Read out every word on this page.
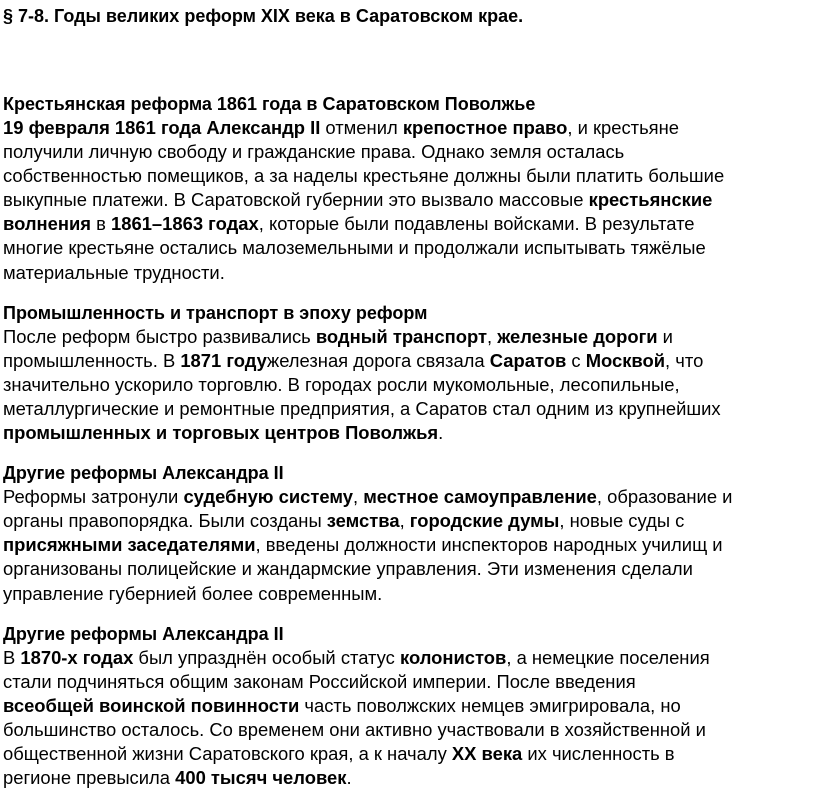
§ 7-8. Годы великих реформ XIX века в Саратовском крае.
Крестьянская реформа 1861 года в Саратовском Поволжье

19 февраля 1861 года Александр II отменил крепостное право, и крестьяне
получили личную свободу и гражданские права. Однако земля осталась
собственностью помещиков, а за наделы крестьяне должны были платить большие
выкупные платежи. В Саратовской губернии это вызвало массовые крестьянские
волнения в 1861–1863 годах, которые были подавлены войсками. В результате
многие крестьяне остались малоземельными и продолжали испытывать тяжёлые
материальные трудности.

Промышленность и транспорт в эпоху реформ

После реформ быстро развивались водный транспорт, железные дороги и
промышленность. В 1871 годужелезная дорога связала Саратов с Москвой, что
значительно ускорило торговлю. В городах росли мукомольные, лесопильные,
металлургические и ремонтные предприятия, а Саратов стал одним из крупнейших
промышленных и торговых центров Поволжья.

Другие реформы Александра II

Реформы затронули судебную систему, местное самоуправление, образование и
органы правопорядка. Были созданы земства, городские думы, новые суды с
присяжными заседателями, введены должности инспекторов народных училищ и
организованы полицейские и жандармские управления. Эти изменения сделали
управление губернией более современным.

Другие реформы Александра II

В 1870-х годах был упразднён особый статус колонистов, а немецкие поселения
стали подчиняться общим законам Российской империи. После введения
всеобщей воинской повинности часть поволжских немцев эмигрировала, но
большинство осталось. Со временем они активно участвовали в хозяйственной и
общественной жизни Саратовского края, а к началу XX века их численность в
регионе превысила 400 тысяч человек.
